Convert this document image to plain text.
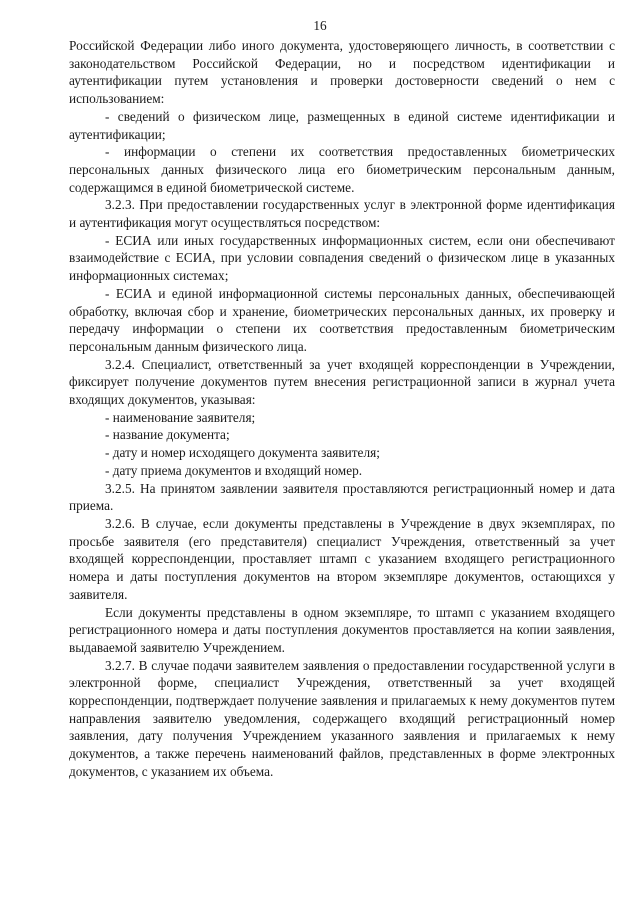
16

Российской Федерации либо иного документа, удостоверяющего личность, в соответствии с законодательством Российской Федерации, но и посредством идентификации и аутентификации путем установления и проверки достоверности сведений о нем с использованием:

- сведений о физическом лице, размещенных в единой системе идентификации и аутентификации;

- информации о степени их соответствия предоставленных биометрических персональных данных физического лица его биометрическим персональным данным, содержащимся в единой биометрической системе.

3.2.3. При предоставлении государственных услуг в электронной форме идентификация и аутентификация могут осуществляться посредством:

- ЕСИА или иных государственных информационных систем, если они обеспечивают взаимодействие с ЕСИА, при условии совпадения сведений о физическом лице в указанных информационных системах;

- ЕСИА и единой информационной системы персональных данных, обеспечивающей обработку, включая сбор и хранение, биометрических персональных данных, их проверку и передачу информации о степени их соответствия предоставленным биометрическим персональным данным физического лица.

3.2.4. Специалист, ответственный за учет входящей корреспонденции в Учреждении, фиксирует получение документов путем внесения регистрационной записи в журнал учета входящих документов, указывая:

- наименование заявителя;

- название документа;

- дату и номер исходящего документа заявителя;

- дату приема документов и входящий номер.

3.2.5. На принятом заявлении заявителя проставляются регистрационный номер и дата приема.

3.2.6. В случае, если документы представлены в Учреждение в двух экземплярах, по просьбе заявителя (его представителя) специалист Учреждения, ответственный за учет входящей корреспонденции, проставляет штамп с указанием входящего регистрационного номера и даты поступления документов на втором экземпляре документов, остающихся у заявителя.

Если документы представлены в одном экземпляре, то штамп с указанием входящего регистрационного номера и даты поступления документов проставляется на копии заявления, выдаваемой заявителю Учреждением.

3.2.7. В случае подачи заявителем заявления о предоставлении государственной услуги в электронной форме, специалист Учреждения, ответственный за учет входящей корреспонденции, подтверждает получение заявления и прилагаемых к нему документов путем направления заявителю уведомления, содержащего входящий регистрационный номер заявления, дату получения Учреждением указанного заявления и прилагаемых к нему документов, а также перечень наименований файлов, представленных в форме электронных документов, с указанием их объема.
